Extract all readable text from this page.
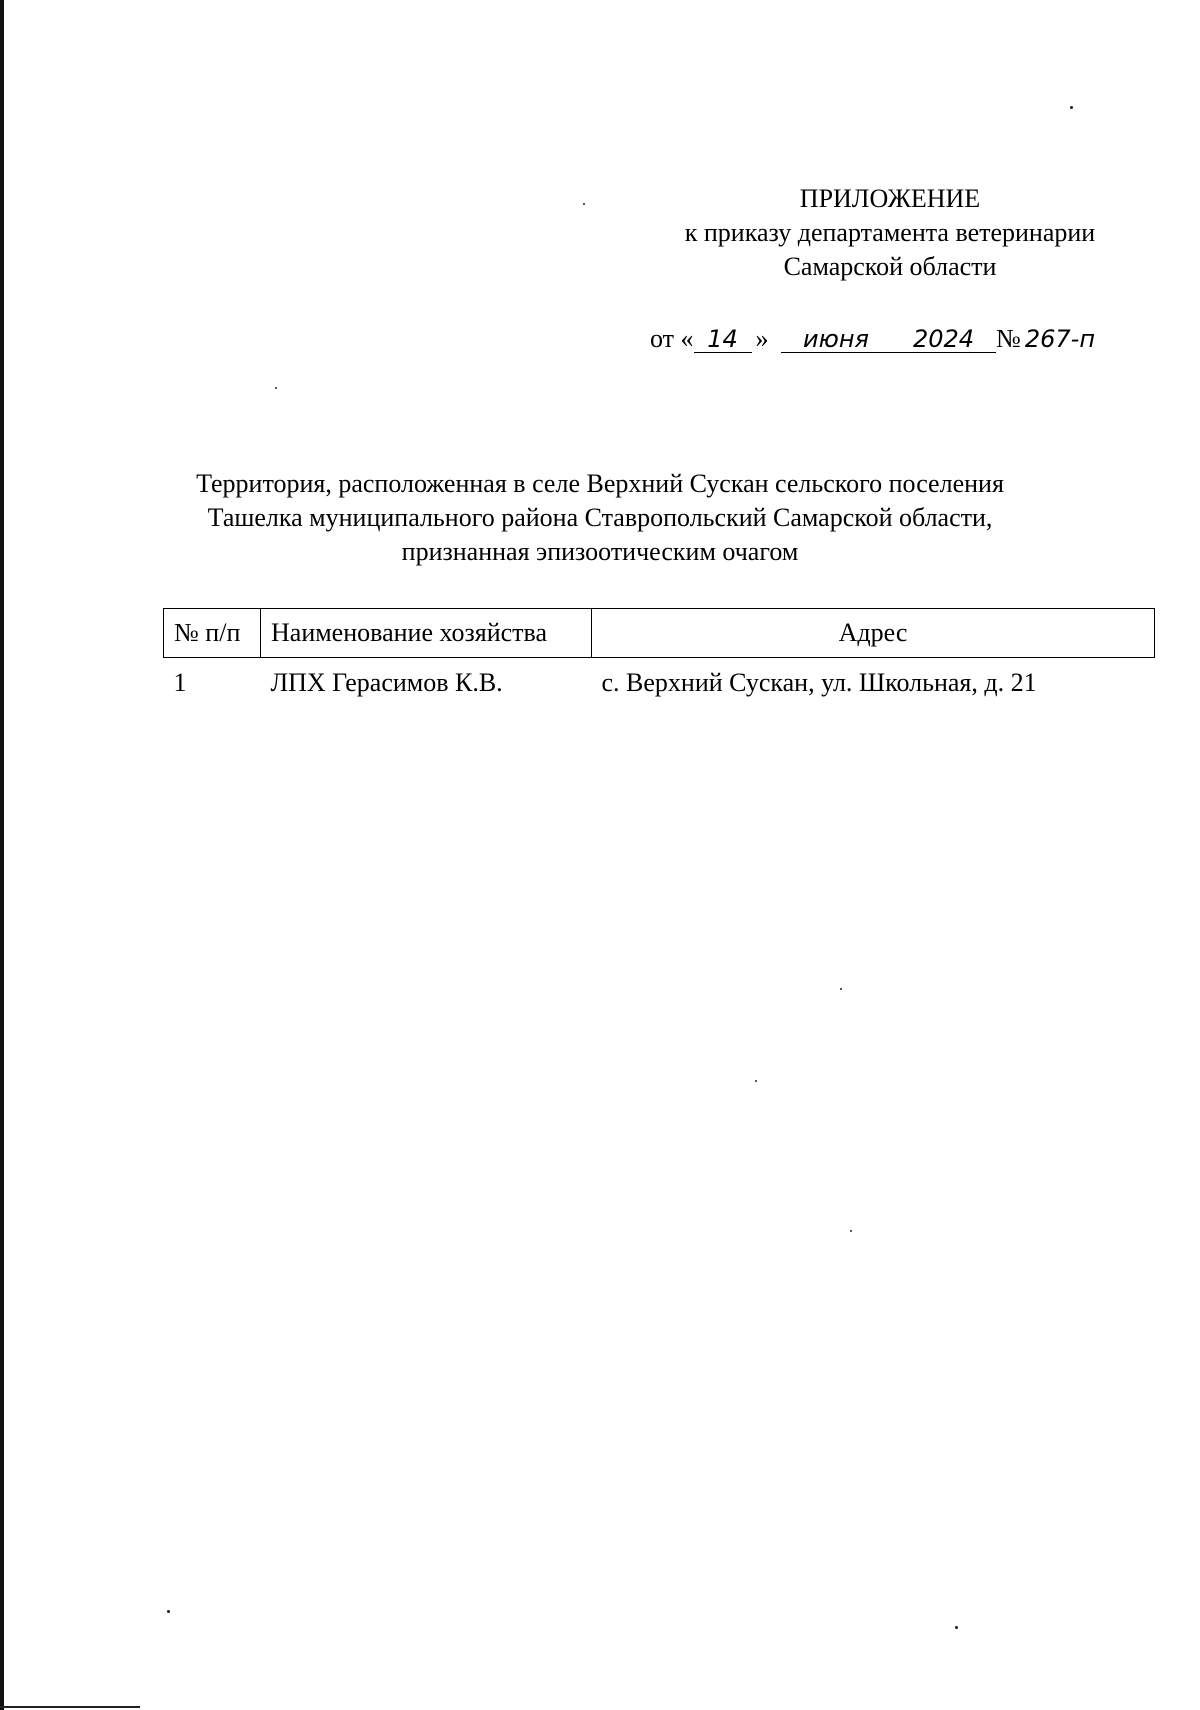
ПРИЛОЖЕНИЕ
к приказу департамента ветеринарии
Самарской области
от « 14 » июня 2024 № 267-п
Территория, расположенная в селе Верхний Сускан сельского поселения
Ташелка муниципального района Ставропольский Самарской области,
признанная эпизоотическим очагом
№ п/п	Наименование хозяйства	Адрес
1	ЛПХ Герасимов К.В.	с. Верхний Сускан, ул. Школьная, д. 21
